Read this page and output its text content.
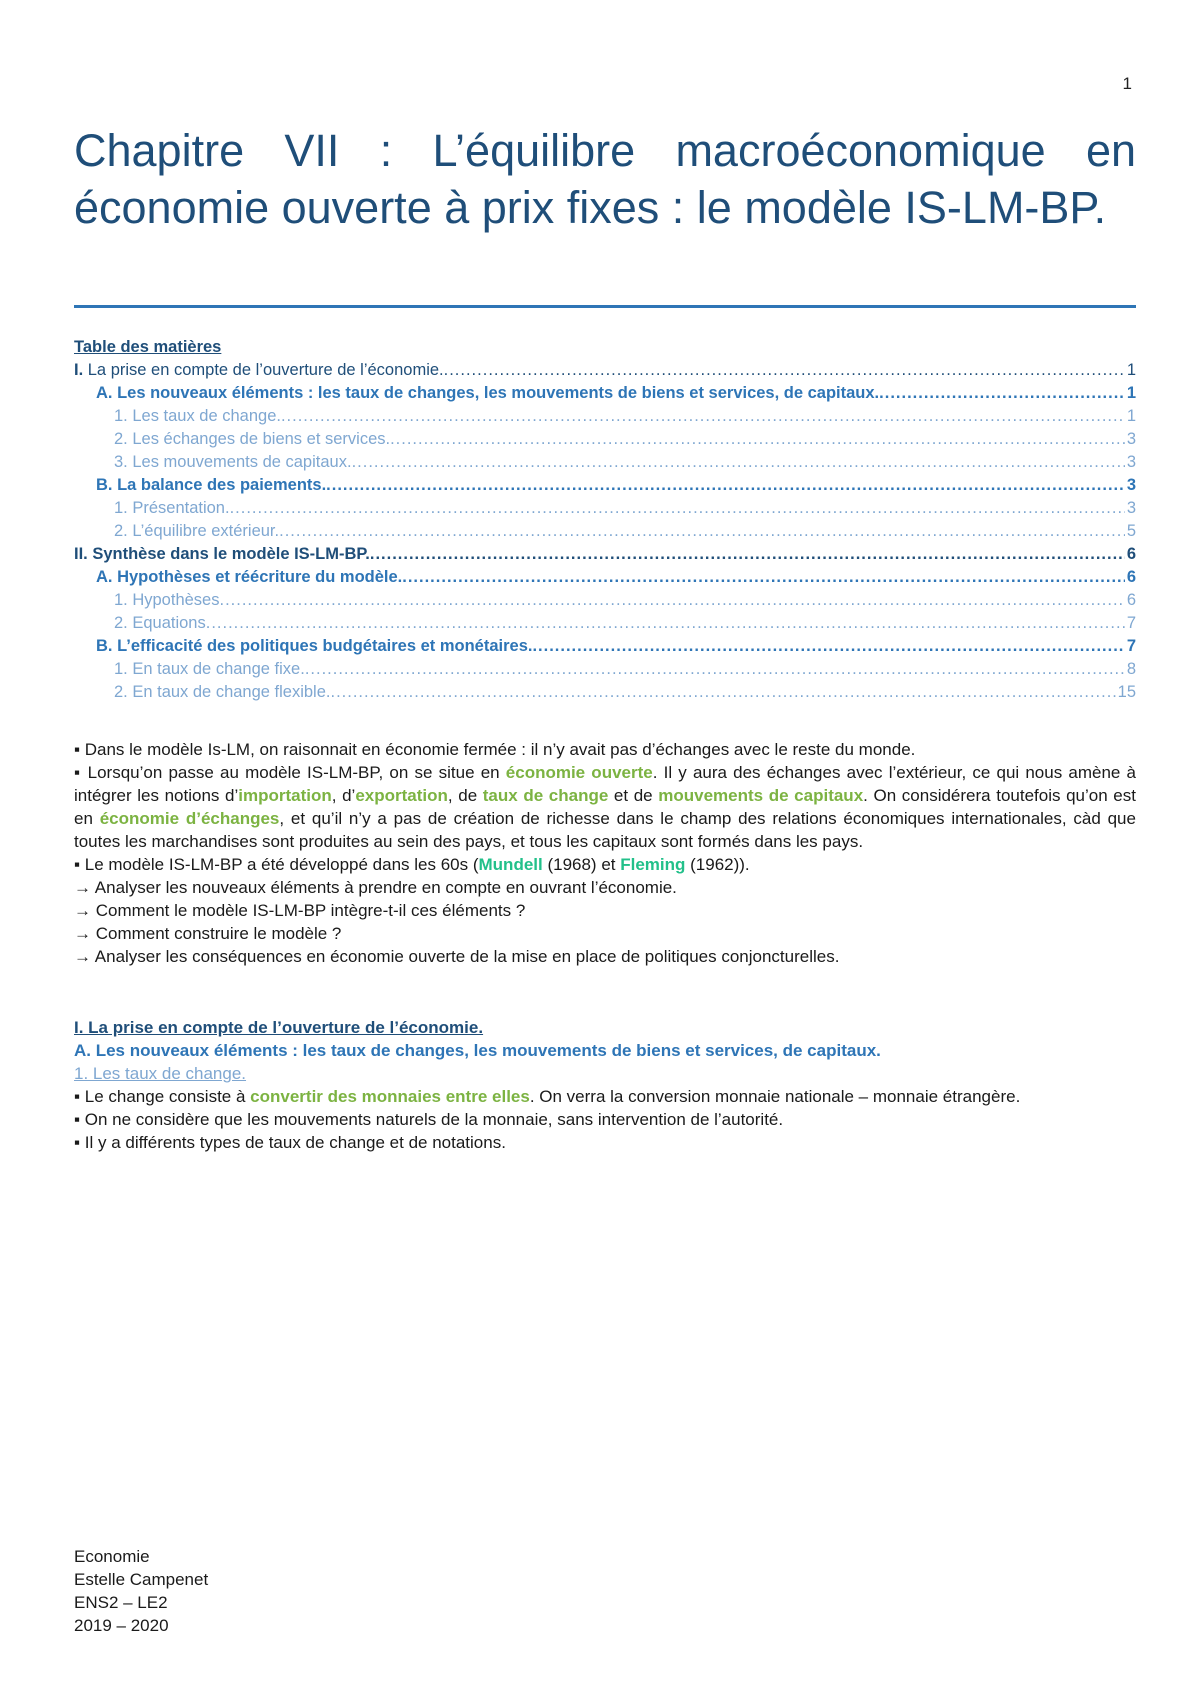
1
Chapitre VII : L’équilibre macroéconomique en économie ouverte à prix fixes : le modèle IS-LM-BP.
Table des matières
I. La prise en compte de l’ouverture de l’économie. .....	1
A. Les nouveaux éléments : les taux de changes, les mouvements de biens et services, de capitaux. .....	1
1. Les taux de change. .....	1
2. Les échanges de biens et services. .....	3
3. Les mouvements de capitaux. .....	3
B. La balance des paiements. .....	3
1. Présentation. .....	3
2. L’équilibre extérieur. .....	5
II. Synthèse dans le modèle IS-LM-BP. .....	6
A. Hypothèses et réécriture du modèle. .....	6
1. Hypothèses .....	6
2. Equations .....	7
B. L’efficacité des politiques budgétaires et monétaires. .....	7
1. En taux de change fixe. .....	8
2. En taux de change flexible. .....	15

▪ Dans le modèle Is-LM, on raisonnait en économie fermée : il n’y avait pas d’échanges avec le reste du monde.

▪ Lorsqu’on passe au modèle IS-LM-BP, on se situe en économie ouverte. Il y aura des échanges avec l’extérieur, ce qui nous amène à intégrer les notions d’importation, d’exportation, de taux de change et de mouvements de capitaux. On considérera toutefois qu’on est en économie d’échanges, et qu’il n’y a pas de création de richesse dans le champ des relations économiques internationales, càd que toutes les marchandises sont produites au sein des pays, et tous les capitaux sont formés dans les pays.

▪ Le modèle IS-LM-BP a été développé dans les 60s (Mundell (1968) et Fleming (1962)).

→ Analyser les nouveaux éléments à prendre en compte en ouvrant l’économie.

→ Comment le modèle IS-LM-BP intègre-t-il ces éléments ?

→ Comment construire le modèle ?

→ Analyser les conséquences en économie ouverte de la mise en place de politiques conjoncturelles.

I. La prise en compte de l’ouverture de l’économie.
A. Les nouveaux éléments : les taux de changes, les mouvements de biens et services, de capitaux.
1. Les taux de change.

▪ Le change consiste à convertir des monnaies entre elles. On verra la conversion monnaie nationale – monnaie étrangère.

▪ On ne considère que les mouvements naturels de la monnaie, sans intervention de l’autorité.

▪ Il y a différents types de taux de change et de notations.

Economie
Estelle Campenet
ENS2 – LE2
2019 – 2020
